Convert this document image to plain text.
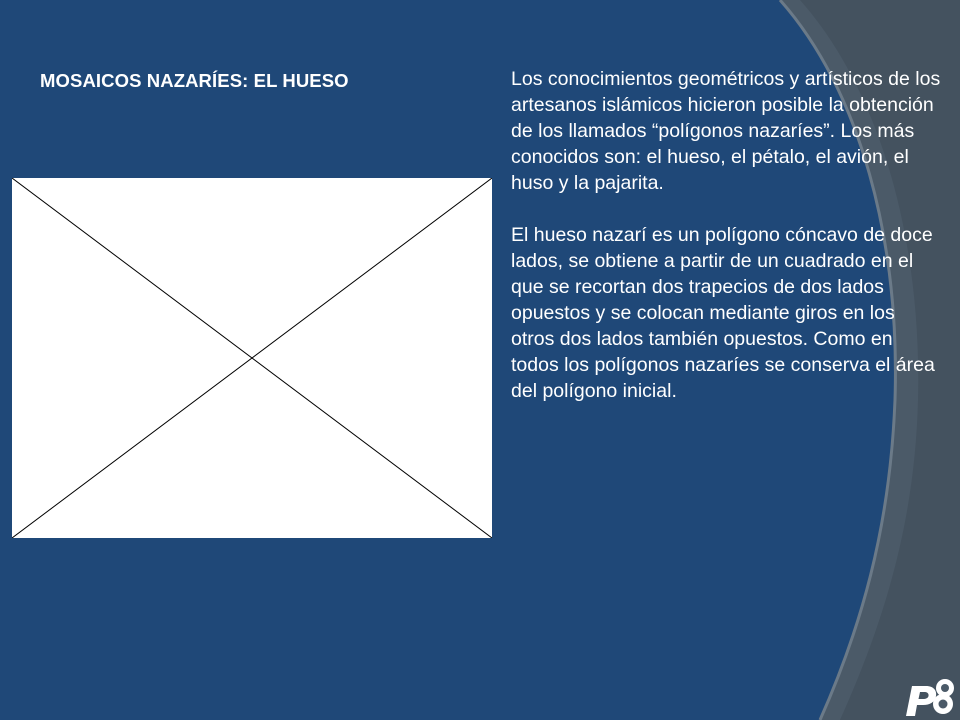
MOSAICOS NAZARÍES: EL HUESO	Los conocimientos geométricos y artísticos de los artesanos islámicos hicieron posible la obtención de los llamados “polígonos nazaríes”. Los más conocidos son: el hueso, el pétalo, el avión, el huso y la pajarita.

El hueso nazarí es un polígono cóncavo de doce lados, se obtiene a partir de un cuadrado en el que se recortan dos trapecios de dos lados opuestos y se colocan mediante giros en los otros dos lados también opuestos. Como en todos los polígonos nazaríes se conserva el área del polígono inicial.
